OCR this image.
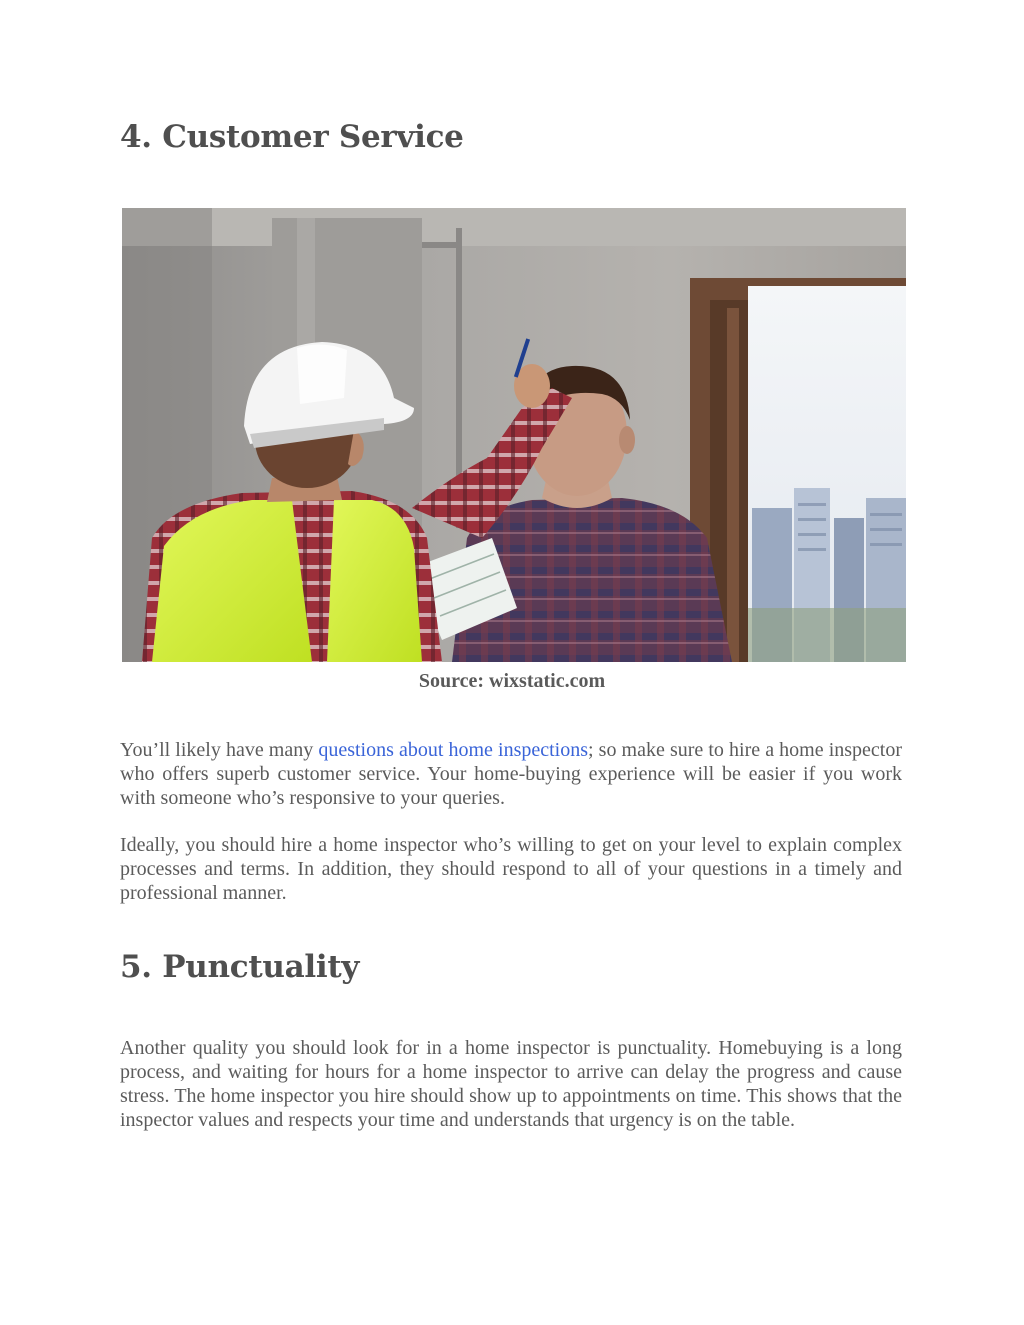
4. Customer Service
Source: wixstatic.com

You’ll likely have many questions about home inspections; so make sure to hire a home inspector who offers superb customer service. Your home-buying experience will be easier if you work with someone who’s responsive to your queries.

Ideally, you should hire a home inspector who’s willing to get on your level to explain complex processes and terms. In addition, they should respond to all of your questions in a timely and professional manner.

5. Punctuality

Another quality you should look for in a home inspector is punctuality. Homebuying is a long process, and waiting for hours for a home inspector to arrive can delay the progress and cause stress. The home inspector you hire should show up to appointments on time. This shows that the inspector values and respects your time and understands that urgency is on the table.
